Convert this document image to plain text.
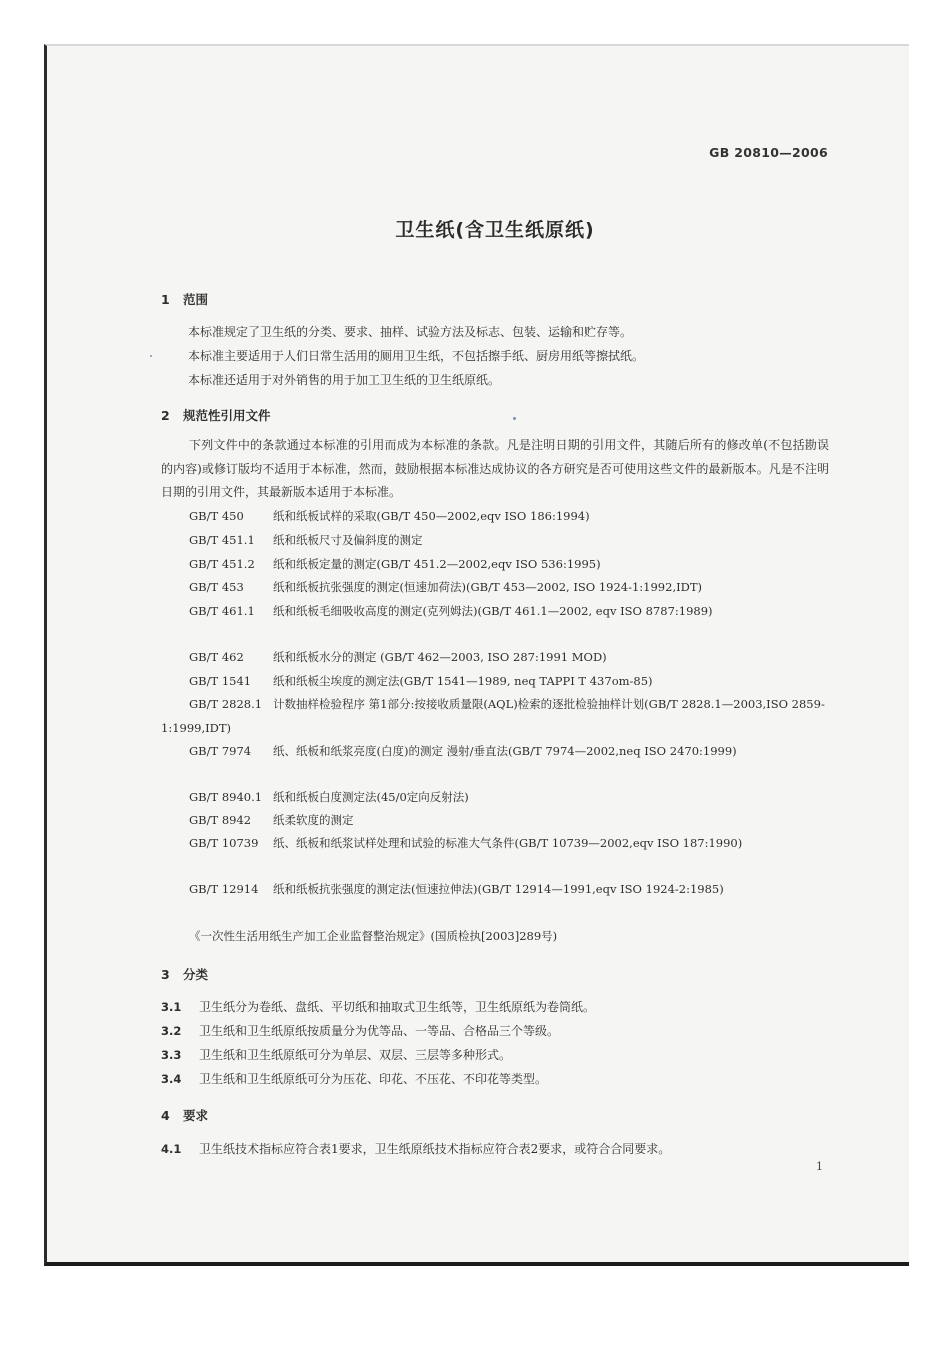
GB 20810—2006
卫生纸(含卫生纸原纸)
1 范围
本标准规定了卫生纸的分类、要求、抽样、试验方法及标志、包装、运输和贮存等。
本标准主要适用于人们日常生活用的厕用卫生纸，不包括擦手纸、厨房用纸等擦拭纸。
本标准还适用于对外销售的用于加工卫生纸的卫生纸原纸。
2 规范性引用文件
下列文件中的条款通过本标准的引用而成为本标准的条款。凡是注明日期的引用文件，其随后所有的修改单(不包括勘误的内容)或修订版均不适用于本标准，然而，鼓励根据本标准达成协议的各方研究是否可使用这些文件的最新版本。凡是不注明日期的引用文件，其最新版本适用于本标准。
GB/T 450	纸和纸板试样的采取(GB/T 450—2002,eqv ISO 186:1994)
GB/T 451.1 纸和纸板尺寸及偏斜度的测定
GB/T 451.2 纸和纸板定量的测定(GB/T 451.2—2002,eqv ISO 536:1995)
GB/T 453	纸和纸板抗张强度的测定(恒速加荷法)(GB/T 453—2002, ISO 1924-1:1992,IDT)
GB/T 461.1 纸和纸板毛细吸收高度的测定(克列姆法)(GB/T 461.1—2002, eqv ISO 8787:1989)
GB/T 462	纸和纸板水分的测定 (GB/T 462—2003, ISO 287:1991 MOD)
GB/T 1541 纸和纸板尘埃度的测定法(GB/T 1541—1989, neq TAPPI T 437om-85)
GB/T 2828.1 计数抽样检验程序 第1部分:按接收质量限(AQL)检索的逐批检验抽样计划(GB/T 2828.1—2003,ISO 2859-1:1999,IDT)
GB/T 7974 纸、纸板和纸浆亮度(白度)的测定 漫射/垂直法(GB/T 7974—2002,neq ISO 2470:1999)
GB/T 8940.1 纸和纸板白度测定法(45/0定向反射法)
GB/T 8942 纸柔软度的测定
GB/T 10739 纸、纸板和纸浆试样处理和试验的标准大气条件(GB/T 10739—2002,eqv ISO 187:1990)
GB/T 12914 纸和纸板抗张强度的测定法(恒速拉伸法)(GB/T 12914—1991,eqv ISO 1924-2:1985)
《一次性生活用纸生产加工企业监督整治规定》(国质检执[2003]289号)
3 分类
3.1 卫生纸分为卷纸、盘纸、平切纸和抽取式卫生纸等，卫生纸原纸为卷筒纸。
3.2 卫生纸和卫生纸原纸按质量分为优等品、一等品、合格品三个等级。
3.3 卫生纸和卫生纸原纸可分为单层、双层、三层等多种形式。
3.4 卫生纸和卫生纸原纸可分为压花、印花、不压花、不印花等类型。
4 要求
4.1 卫生纸技术指标应符合表1要求，卫生纸原纸技术指标应符合表2要求，或符合合同要求。
1
